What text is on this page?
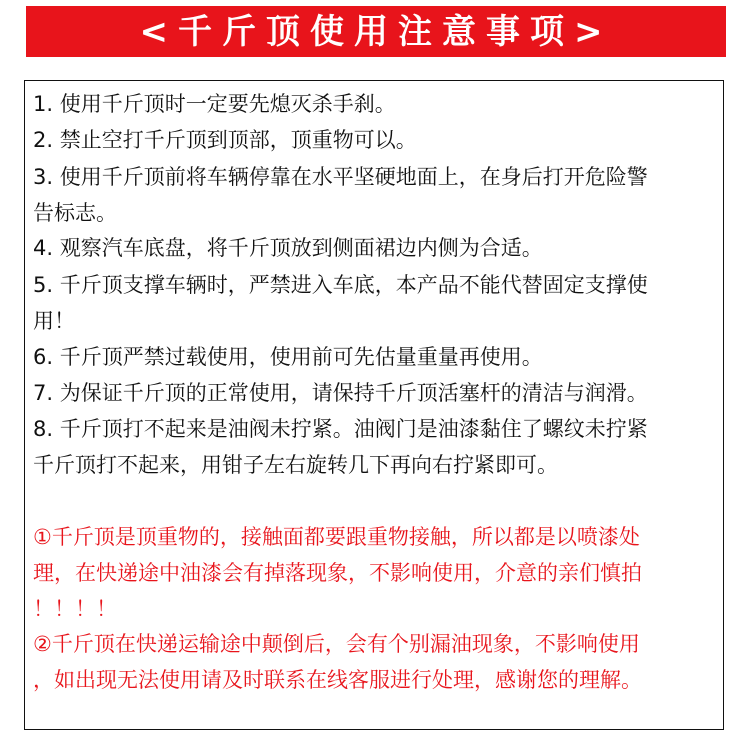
<千斤顶使用注意事项>
1. 使用千斤顶时一定要先熄灭杀手刹。
2. 禁止空打千斤顶到顶部，顶重物可以。
3. 使用千斤顶前将车辆停靠在水平坚硬地面上，在身后打开危险警
告标志。
4. 观察汽车底盘，将千斤顶放到侧面裙边内侧为合适。
5. 千斤顶支撑车辆时，严禁进入车底，本产品不能代替固定支撑使
用！
6. 千斤顶严禁过载使用，使用前可先估量重量再使用。
7. 为保证千斤顶的正常使用，请保持千斤顶活塞杆的清洁与润滑。
8. 千斤顶打不起来是油阀未拧紧。油阀门是油漆黏住了螺纹未拧紧
千斤顶打不起来，用钳子左右旋转几下再向右拧紧即可。
①千斤顶是顶重物的，接触面都要跟重物接触，所以都是以喷漆处
理，在快递途中油漆会有掉落现象，不影响使用，介意的亲们慎拍
！！！！
②千斤顶在快递运输途中颠倒后，会有个别漏油现象，不影响使用
，如出现无法使用请及时联系在线客服进行处理，感谢您的理解。
